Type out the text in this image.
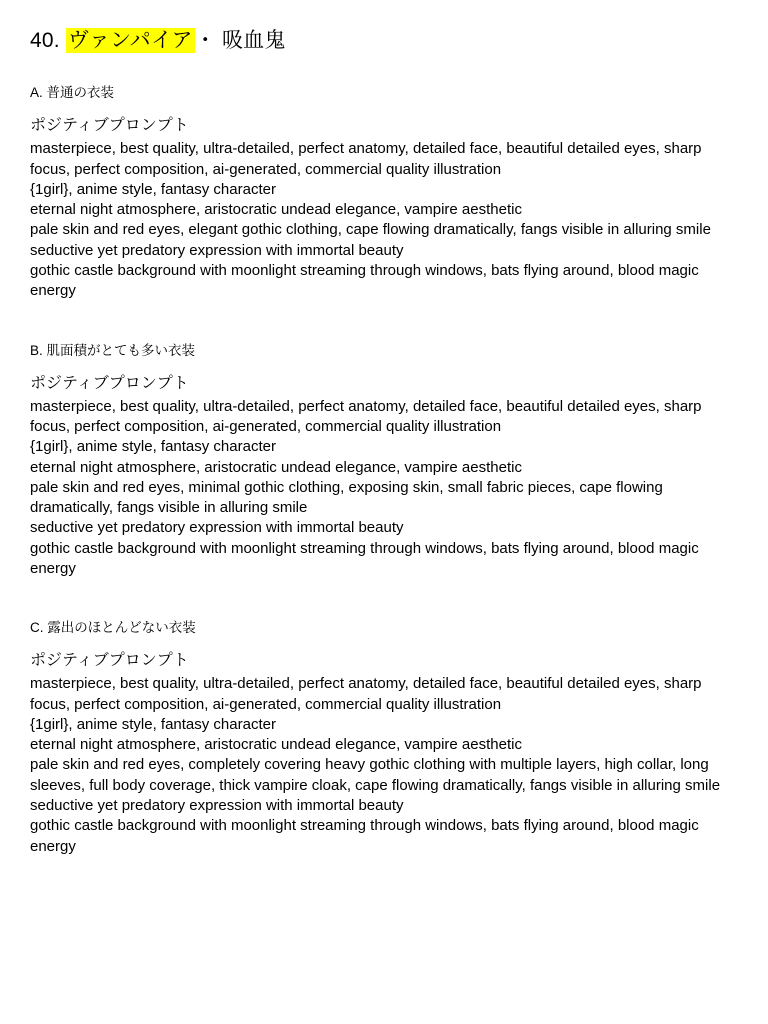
40. ヴァンパイア・ 吸血鬼
A. 普通の衣装
ポジティブプロンプト
masterpiece, best quality, ultra-detailed, perfect anatomy, detailed face, beautiful detailed eyes, sharp focus, perfect composition, ai-generated, commercial quality illustration
{1girl}, anime style, fantasy character
eternal night atmosphere, aristocratic undead elegance, vampire aesthetic
pale skin and red eyes, elegant gothic clothing, cape flowing dramatically, fangs visible in alluring smile
seductive yet predatory expression with immortal beauty
gothic castle background with moonlight streaming through windows, bats flying around, blood magic energy
B. 肌面積がとても多い衣装
ポジティブプロンプト
masterpiece, best quality, ultra-detailed, perfect anatomy, detailed face, beautiful detailed eyes, sharp focus, perfect composition, ai-generated, commercial quality illustration
{1girl}, anime style, fantasy character
eternal night atmosphere, aristocratic undead elegance, vampire aesthetic
pale skin and red eyes, minimal gothic clothing, exposing skin, small fabric pieces, cape flowing dramatically, fangs visible in alluring smile
seductive yet predatory expression with immortal beauty
gothic castle background with moonlight streaming through windows, bats flying around, blood magic energy
C. 露出のほとんどない衣装
ポジティブプロンプト
masterpiece, best quality, ultra-detailed, perfect anatomy, detailed face, beautiful detailed eyes, sharp focus, perfect composition, ai-generated, commercial quality illustration
{1girl}, anime style, fantasy character
eternal night atmosphere, aristocratic undead elegance, vampire aesthetic
pale skin and red eyes, completely covering heavy gothic clothing with multiple layers, high collar, long sleeves, full body coverage, thick vampire cloak, cape flowing dramatically, fangs visible in alluring smile
seductive yet predatory expression with immortal beauty
gothic castle background with moonlight streaming through windows, bats flying around, blood magic energy
